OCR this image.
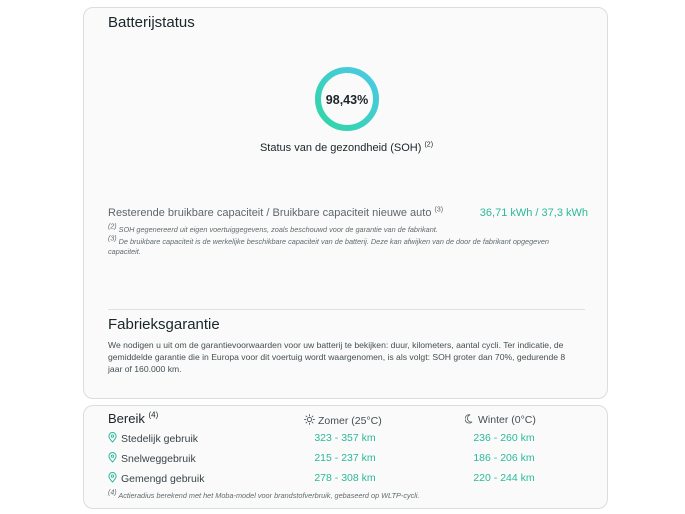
Batterijstatus
98,43%
Status van de gezondheid (SOH) $^{(2)}$
Resterende bruikbare capaciteit / Bruikbare capaciteit nieuwe auto $^{(3)}$	36,71 kWh / 37,3 kWh
(2) SOH gegenereerd uit eigen voertuiggegevens, zoals beschouwd voor de garantie van de fabrikant.
(3) De bruikbare capaciteit is de werkelijke beschikbare capaciteit van de batterij. Deze kan afwijken van de door de fabrikant opgegeven capaciteit.
Fabrieksgarantie
We nodigen u uit om de garantievoorwaarden voor uw batterij te bekijken: duur, kilometers, aantal cycli. Ter indicatie, de gemiddelde garantie die in Europa voor dit voertuig wordt waargenomen, is als volgt: SOH groter dan 70%, gedurende 8 jaar of 160.000 km.
Bereik $^{(4)}$	Zomer (25°C)	Winter (0°C)
Stedelijk gebruik	323 - 357 km	236 - 260 km
Snelweggebruik	215 - 237 km	186 - 206 km
Gemengd gebruik	278 - 308 km	220 - 244 km
(4) Actieradius berekend met het Moba-model voor brandstofverbruik, gebaseerd op WLTP-cycli.
